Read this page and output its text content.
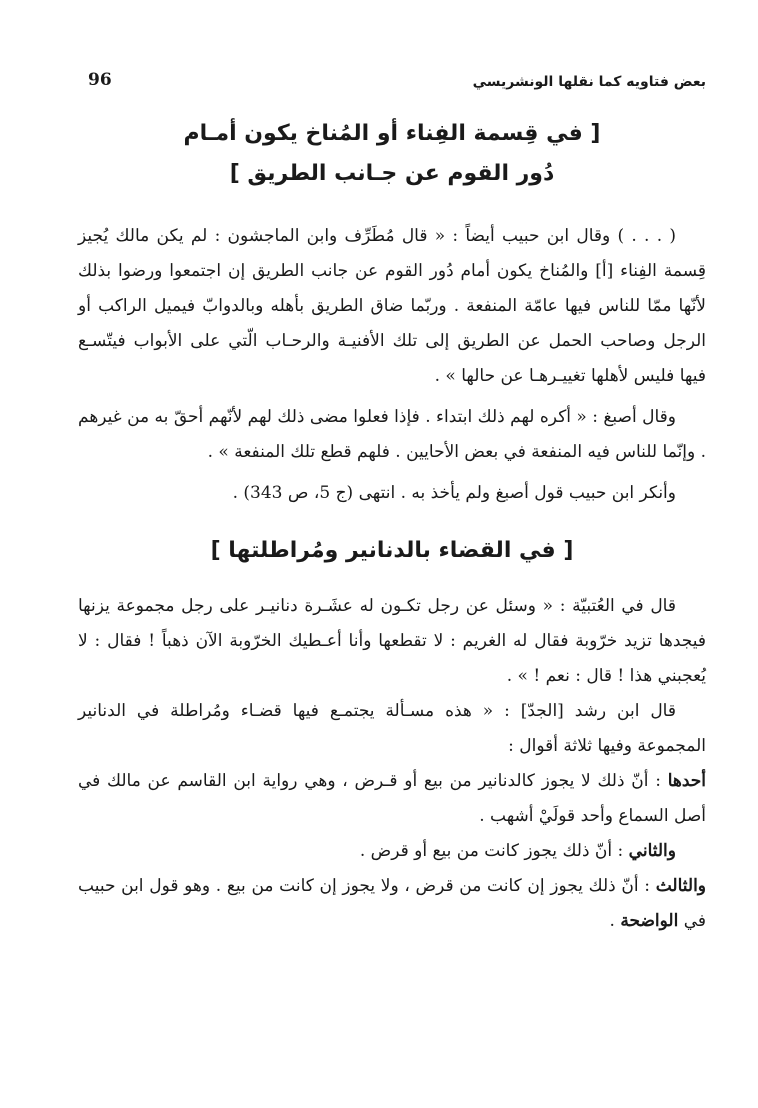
بعض فتاويه كما نقلها الونشريسي
96
[ في قِسمة الفِناء أو المُناخ يكون أمـام
دُور القوم عن جـانب الطريق ]

( . . . ) وقال ابن حبيب أيضاً : « قال مُطَرِّف وابن الماجشون : لم يكن مالك يُجيز قِسمة الفِناء [أ] والمُناخ يكون أمام دُور القوم عن جانب الطريق إن اجتمعوا ورضوا بذلك لأنّها ممّا للناس فيها عامّة المنفعة . وربّما ضاق الطريق بأهله وبالدوابّ فيميل الراكب أو الرجل وصاحب الحمل عن الطريق إلى تلك الأفنيـة والرحـاب الّتي على الأبواب فيتّسـع فيها فليس لأهلها تغييـرهـا عن حالها » .

وقال أصبغ : « أكره لهم ذلك ابتداء . فإذا فعلوا مضى ذلك لهم لأنّهم أحقّ به من غيرهم . وإنّما للناس فيه المنفعة في بعض الأحايين . فلهم قطع تلك المنفعة » .

وأنكر ابن حبيب قول أصبغ ولم يأخذ به . انتهى (ج 5، ص 343) .

[ في القضاء بالدنانير ومُراطلتها ]

قال في العُتبيّة : « وسئل عن رجل تكـون له عشَـرة دنانيـر على رجل مجموعة يزنها فيجدها تزيد خرّوبة فقال له الغريم : لا تقطعها وأنا أعـطيك الخرّوبة الآن ذهباً ! فقال : لا يُعجبني هذا ! قال : نعم ! » .

قال ابن رشد [الجدّ] : « هذه مسـألة يجتمـع فيها قضـاء ومُراطلة في الدنانير المجموعة وفيها ثلاثة أقوال :

أحدها : أنّ ذلك لا يجوز كالدنانير من بيع أو قـرض ، وهي رواية ابن القاسم عن مالك في أصل السماع وأحد قولَيْ أشهب .

والثاني : أنّ ذلك يجوز كانت من بيع أو قرض .

والثالث : أنّ ذلك يجوز إن كانت من قرض ، ولا يجوز إن كانت من بيع . وهو قول ابن حبيب في الواضحة .
